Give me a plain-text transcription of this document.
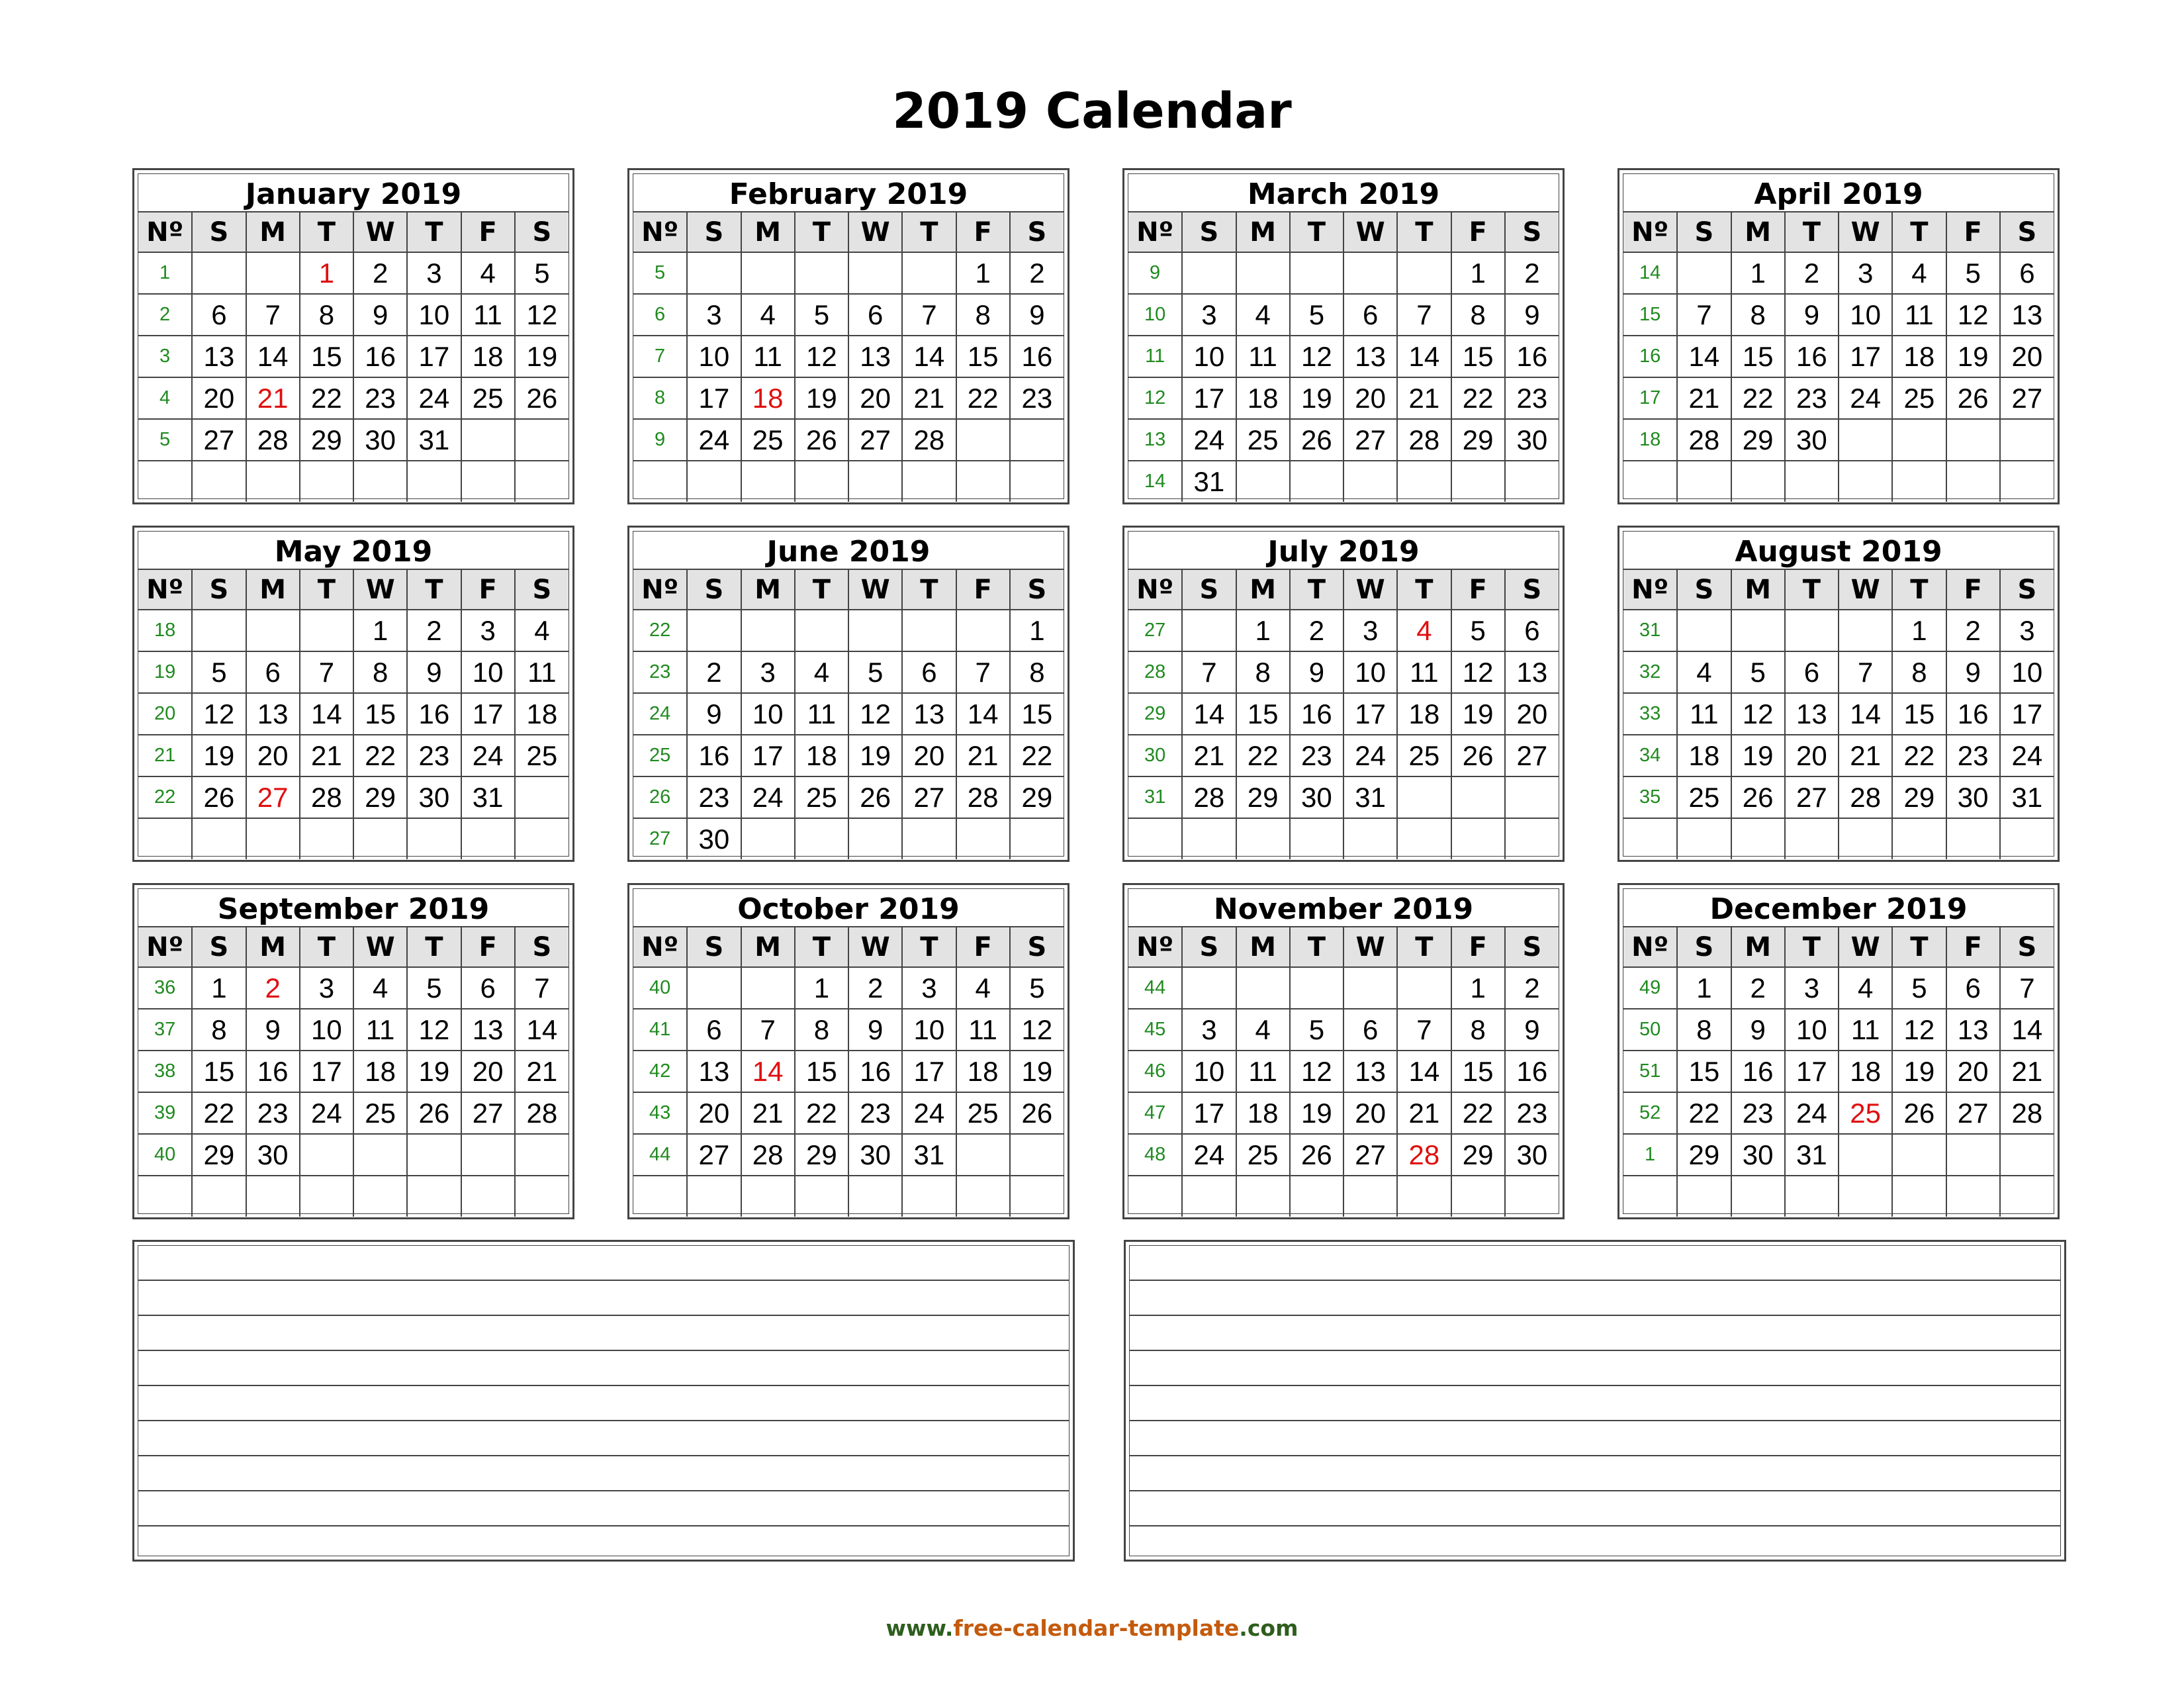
2019 Calendar
January 2019
Nº	S	M	T	W	T	F	S
1			1	2	3	4	5
2	6	7	8	9	10	11	12
3	13	14	15	16	17	18	19
4	20	21	22	23	24	25	26
5	27	28	29	30	31		

February 2019
Nº	S	M	T	W	T	F	S
5						1	2
6	3	4	5	6	7	8	9
7	10	11	12	13	14	15	16
8	17	18	19	20	21	22	23
9	24	25	26	27	28		

March 2019
Nº	S	M	T	W	T	F	S
9						1	2
10	3	4	5	6	7	8	9
11	10	11	12	13	14	15	16
12	17	18	19	20	21	22	23
13	24	25	26	27	28	29	30
14	31						
April 2019
Nº	S	M	T	W	T	F	S
14		1	2	3	4	5	6
15	7	8	9	10	11	12	13
16	14	15	16	17	18	19	20
17	21	22	23	24	25	26	27
18	28	29	30				

May 2019
Nº	S	M	T	W	T	F	S
18				1	2	3	4
19	5	6	7	8	9	10	11
20	12	13	14	15	16	17	18
21	19	20	21	22	23	24	25
22	26	27	28	29	30	31	

June 2019
Nº	S	M	T	W	T	F	S
22							1
23	2	3	4	5	6	7	8
24	9	10	11	12	13	14	15
25	16	17	18	19	20	21	22
26	23	24	25	26	27	28	29
27	30						
July 2019
Nº	S	M	T	W	T	F	S
27		1	2	3	4	5	6
28	7	8	9	10	11	12	13
29	14	15	16	17	18	19	20
30	21	22	23	24	25	26	27
31	28	29	30	31			

August 2019
Nº	S	M	T	W	T	F	S
31					1	2	3
32	4	5	6	7	8	9	10
33	11	12	13	14	15	16	17
34	18	19	20	21	22	23	24
35	25	26	27	28	29	30	31

September 2019
Nº	S	M	T	W	T	F	S
36	1	2	3	4	5	6	7
37	8	9	10	11	12	13	14
38	15	16	17	18	19	20	21
39	22	23	24	25	26	27	28
40	29	30					

October 2019
Nº	S	M	T	W	T	F	S
40			1	2	3	4	5
41	6	7	8	9	10	11	12
42	13	14	15	16	17	18	19
43	20	21	22	23	24	25	26
44	27	28	29	30	31		

November 2019
Nº	S	M	T	W	T	F	S
44						1	2
45	3	4	5	6	7	8	9
46	10	11	12	13	14	15	16
47	17	18	19	20	21	22	23
48	24	25	26	27	28	29	30

December 2019
Nº	S	M	T	W	T	F	S
49	1	2	3	4	5	6	7
50	8	9	10	11	12	13	14
51	15	16	17	18	19	20	21
52	22	23	24	25	26	27	28
1	29	30	31				

www.free-calendar-template.com
